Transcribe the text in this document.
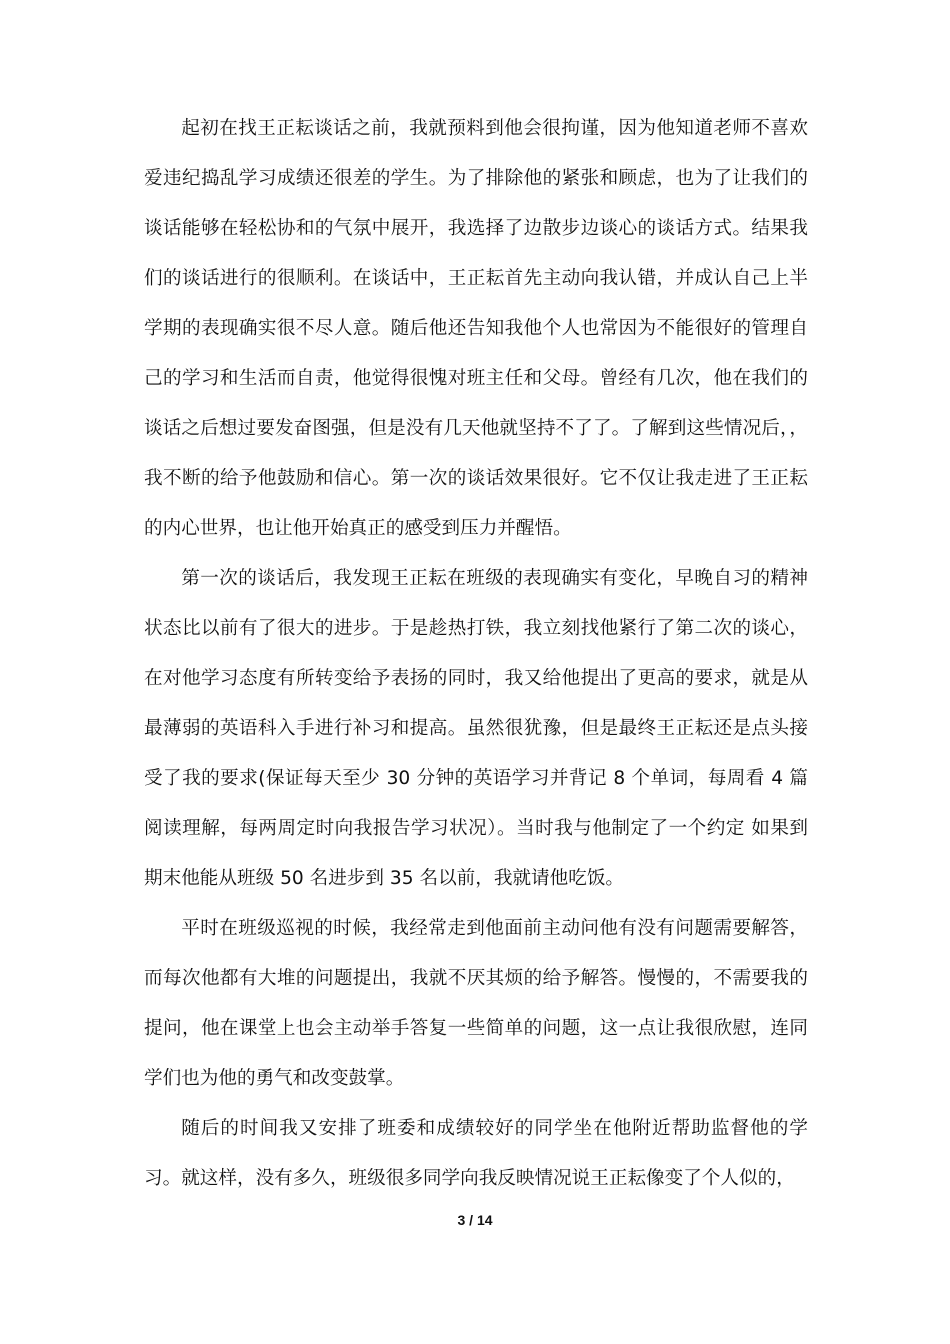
起初在找王正耘谈话之前，我就预料到他会很拘谨，因为他知道老师不喜欢爱违纪捣乱学习成绩还很差的学生。为了排除他的紧张和顾虑，也为了让我们的谈话能够在轻松协和的气氛中展开，我选择了边散步边谈心的谈话方式。结果我们的谈话进行的很顺利。在谈话中，王正耘首先主动向我认错，并成认自己上半学期的表现确实很不尽人意。随后他还告知我他个人也常因为不能很好的管理自己的学习和生活而自责，他觉得很愧对班主任和父母。曾经有几次，他在我们的谈话之后想过要发奋图强，但是没有几天他就坚持不了了。了解到这些情况后，，我不断的给予他鼓励和信心。第一次的谈话效果很好。它不仅让我走进了王正耘的内心世界，也让他开始真正的感受到压力并醒悟。

第一次的谈话后，我发现王正耘在班级的表现确实有变化，早晚自习的精神状态比以前有了很大的进步。于是趁热打铁，我立刻找他紧行了第二次的谈心，在对他学习态度有所转变给予表扬的同时，我又给他提出了更高的要求，就是从最薄弱的英语科入手进行补习和提高。虽然很犹豫，但是最终王正耘还是点头接受了我的要求(保证每天至少 30 分钟的英语学习并背记 8 个单词，每周看 4 篇阅读理解，每两周定时向我报告学习状况）。当时我与他制定了一个约定 如果到期末他能从班级 50 名进步到 35 名以前，我就请他吃饭。

平时在班级巡视的时候，我经常走到他面前主动问他有没有问题需要解答，而每次他都有大堆的问题提出，我就不厌其烦的给予解答。慢慢的，不需要我的提问，他在课堂上也会主动举手答复一些简单的问题，这一点让我很欣慰，连同学们也为他的勇气和改变鼓掌。

随后的时间我又安排了班委和成绩较好的同学坐在他附近帮助监督他的学习。就这样，没有多久，班级很多同学向我反映情况说王正耘像变了个人似的，

3 / 14
